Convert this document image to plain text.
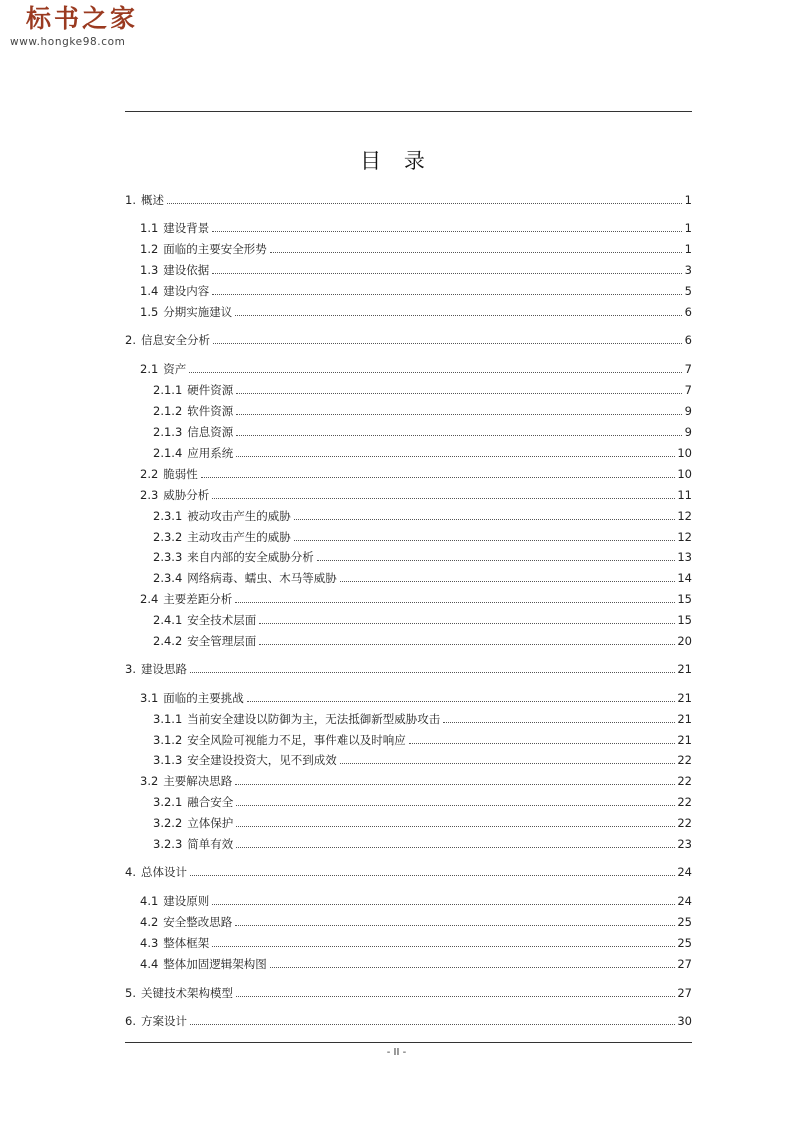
标书之家
www.hongke98.com
目 录
1. 概述	1
1.1 建设背景	1
1.2 面临的主要安全形势	1
1.3 建设依据	3
1.4 建设内容	5
1.5 分期实施建议	6
2. 信息安全分析	6
2.1 资产	7
2.1.1 硬件资源	7
2.1.2 软件资源	9
2.1.3 信息资源	9
2.1.4 应用系统	10
2.2 脆弱性	10
2.3 威胁分析	11
2.3.1 被动攻击产生的威胁	12
2.3.2 主动攻击产生的威胁	12
2.3.3 来自内部的安全威胁分析	13
2.3.4 网络病毒、蠕虫、木马等威胁	14
2.4 主要差距分析	15
2.4.1 安全技术层面	15
2.4.2 安全管理层面	20
3. 建设思路	21
3.1 面临的主要挑战	21
3.1.1 当前安全建设以防御为主，无法抵御新型威胁攻击	21
3.1.2 安全风险可视能力不足，事件难以及时响应	21
3.1.3 安全建设投资大，见不到成效	22
3.2 主要解决思路	22
3.2.1 融合安全	22
3.2.2 立体保护	22
3.2.3 简单有效	23
4. 总体设计	24
4.1 建设原则	24
4.2 安全整改思路	25
4.3 整体框架	25
4.4 整体加固逻辑架构图	27
5. 关键技术架构模型	27
6. 方案设计	30
- II -
